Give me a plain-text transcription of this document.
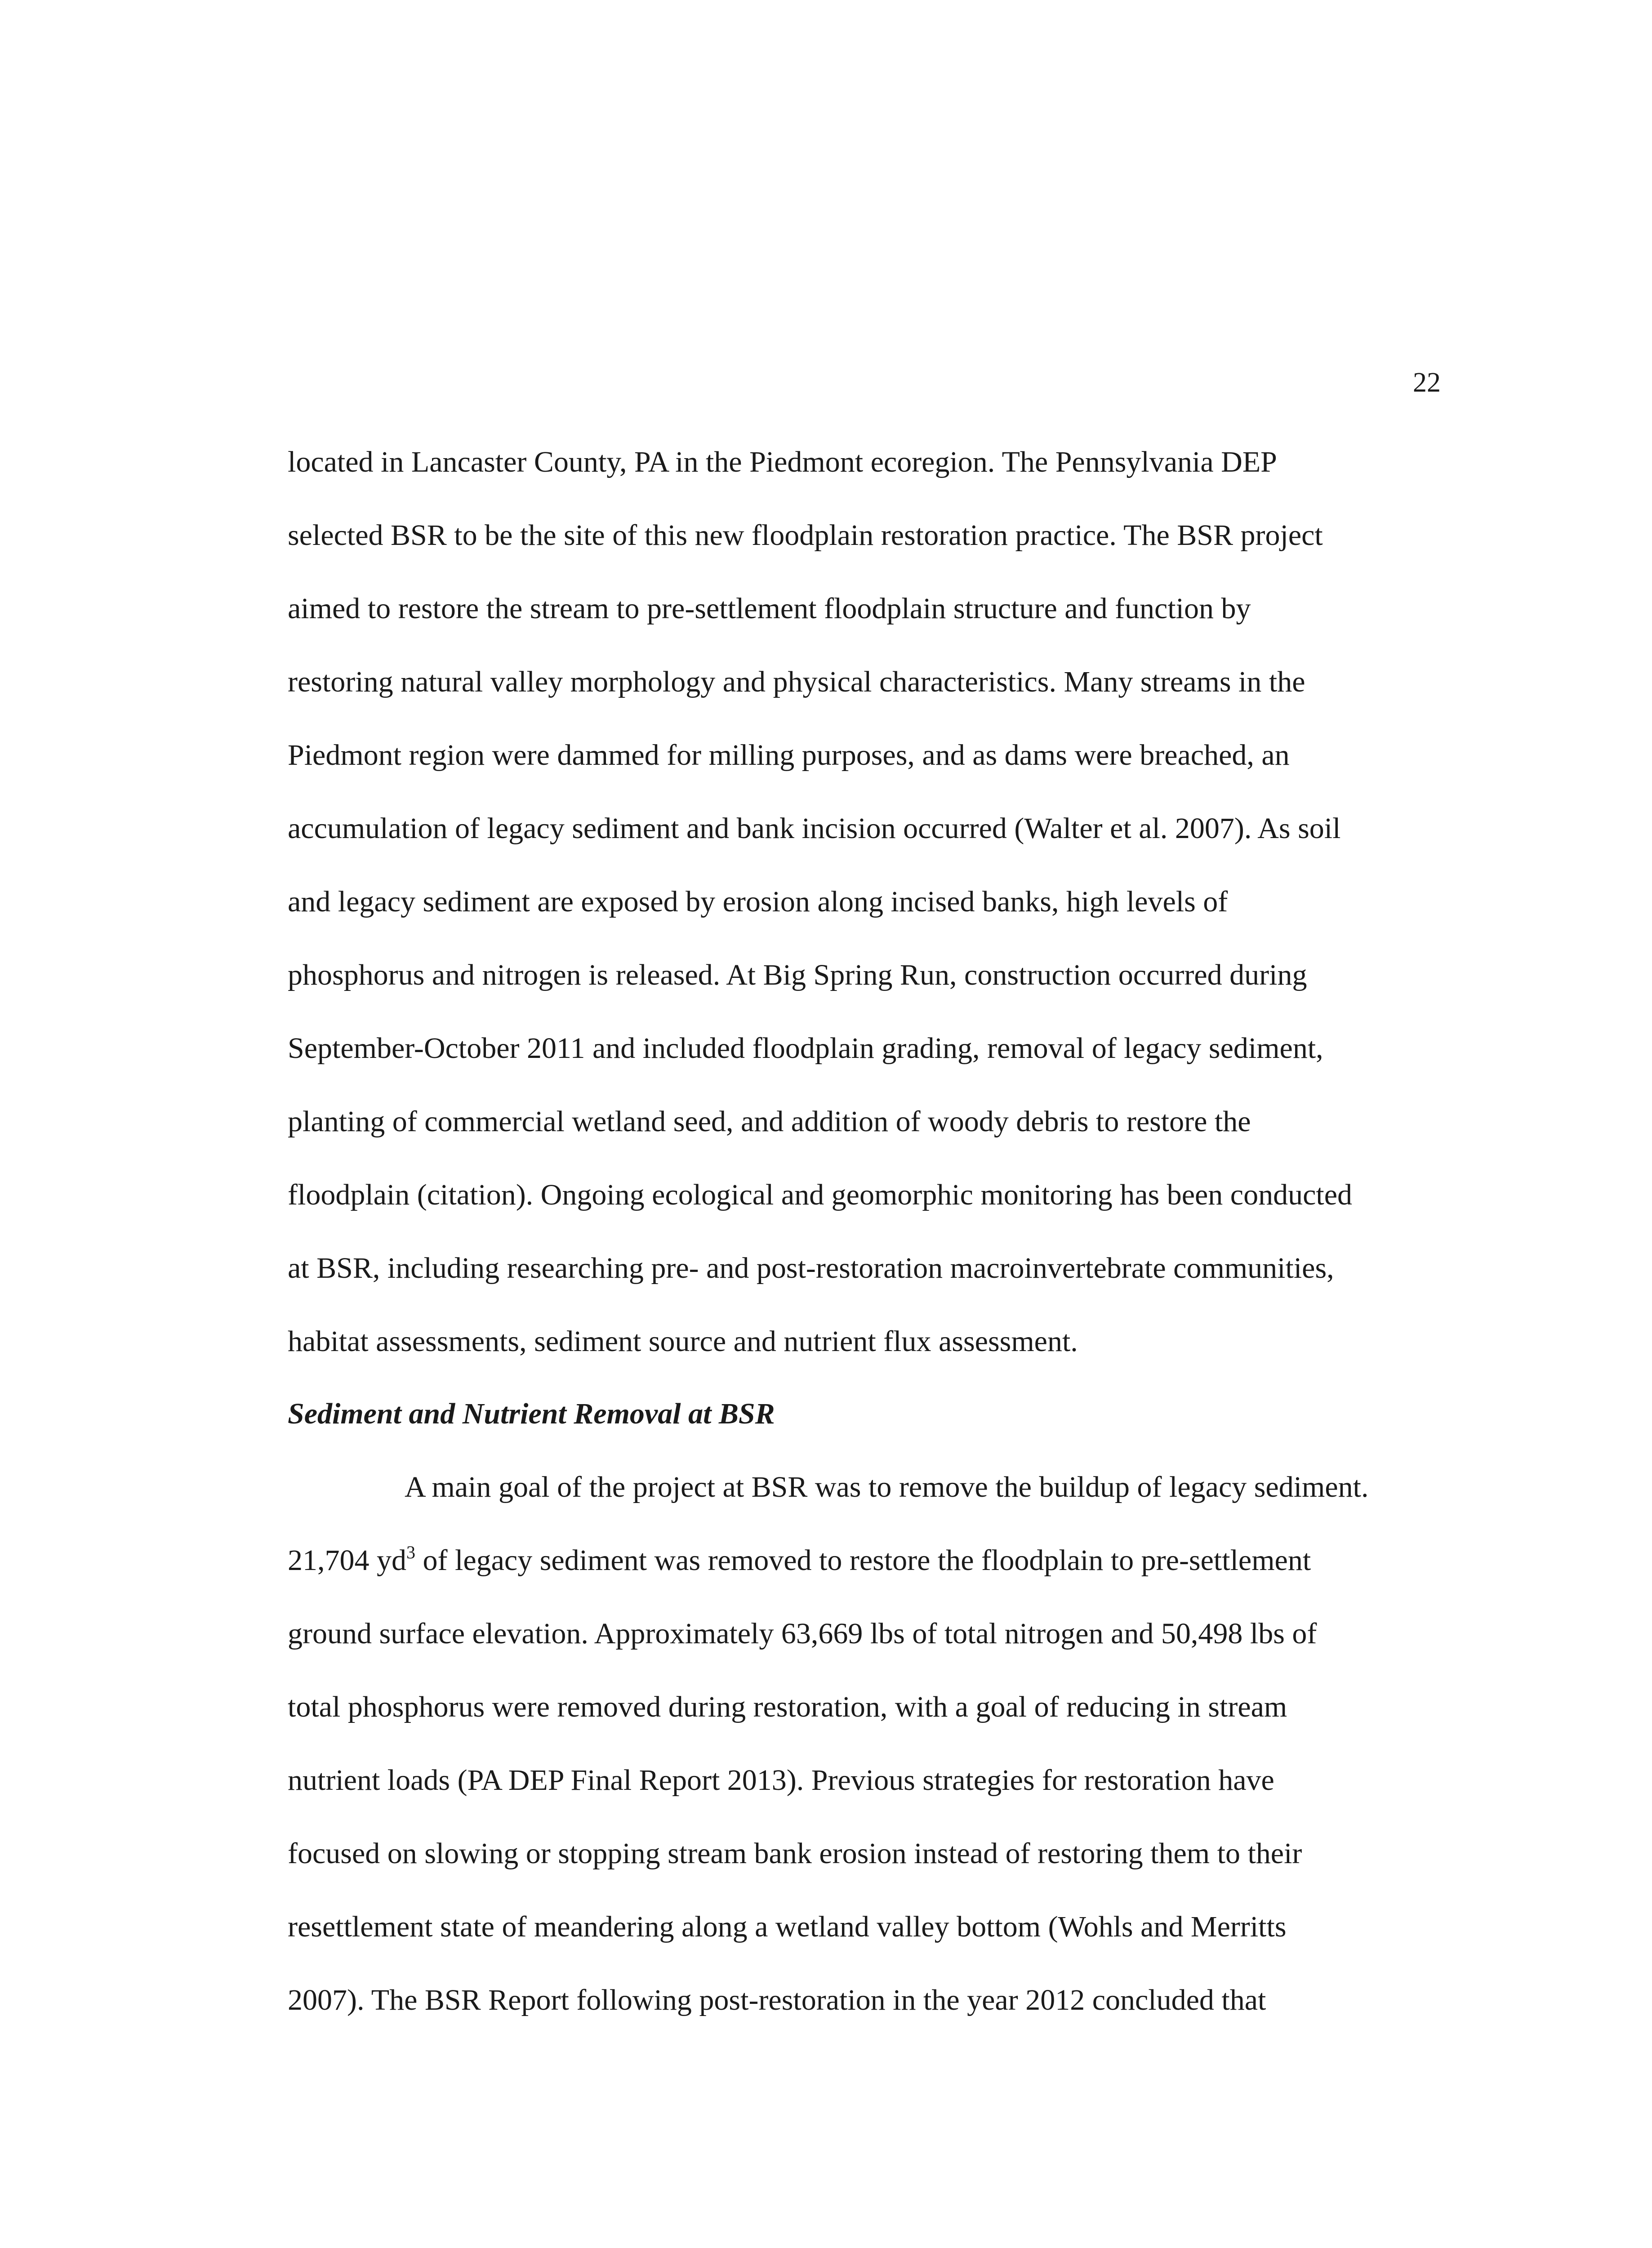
22
located in Lancaster County, PA in the Piedmont ecoregion. The Pennsylvania DEP
selected BSR to be the site of this new floodplain restoration practice. The BSR project
aimed to restore the stream to pre-settlement floodplain structure and function by
restoring natural valley morphology and physical characteristics. Many streams in the
Piedmont region were dammed for milling purposes, and as dams were breached, an
accumulation of legacy sediment and bank incision occurred (Walter et al. 2007). As soil
and legacy sediment are exposed by erosion along incised banks, high levels of
phosphorus and nitrogen is released. At Big Spring Run, construction occurred during
September-October 2011 and included floodplain grading, removal of legacy sediment,
planting of commercial wetland seed, and addition of woody debris to restore the
floodplain (citation). Ongoing ecological and geomorphic monitoring has been conducted
at BSR, including researching pre- and post-restoration macroinvertebrate communities,
habitat assessments, sediment source and nutrient flux assessment.
Sediment and Nutrient Removal at BSR
A main goal of the project at BSR was to remove the buildup of legacy sediment.
21,704 $yd^3$ of legacy sediment was removed to restore the floodplain to pre-settlement
ground surface elevation. Approximately 63,669 lbs of total nitrogen and 50,498 lbs of
total phosphorus were removed during restoration, with a goal of reducing in stream
nutrient loads (PA DEP Final Report 2013). Previous strategies for restoration have
focused on slowing or stopping stream bank erosion instead of restoring them to their
resettlement state of meandering along a wetland valley bottom (Wohls and Merritts
2007). The BSR Report following post-restoration in the year 2012 concluded that
